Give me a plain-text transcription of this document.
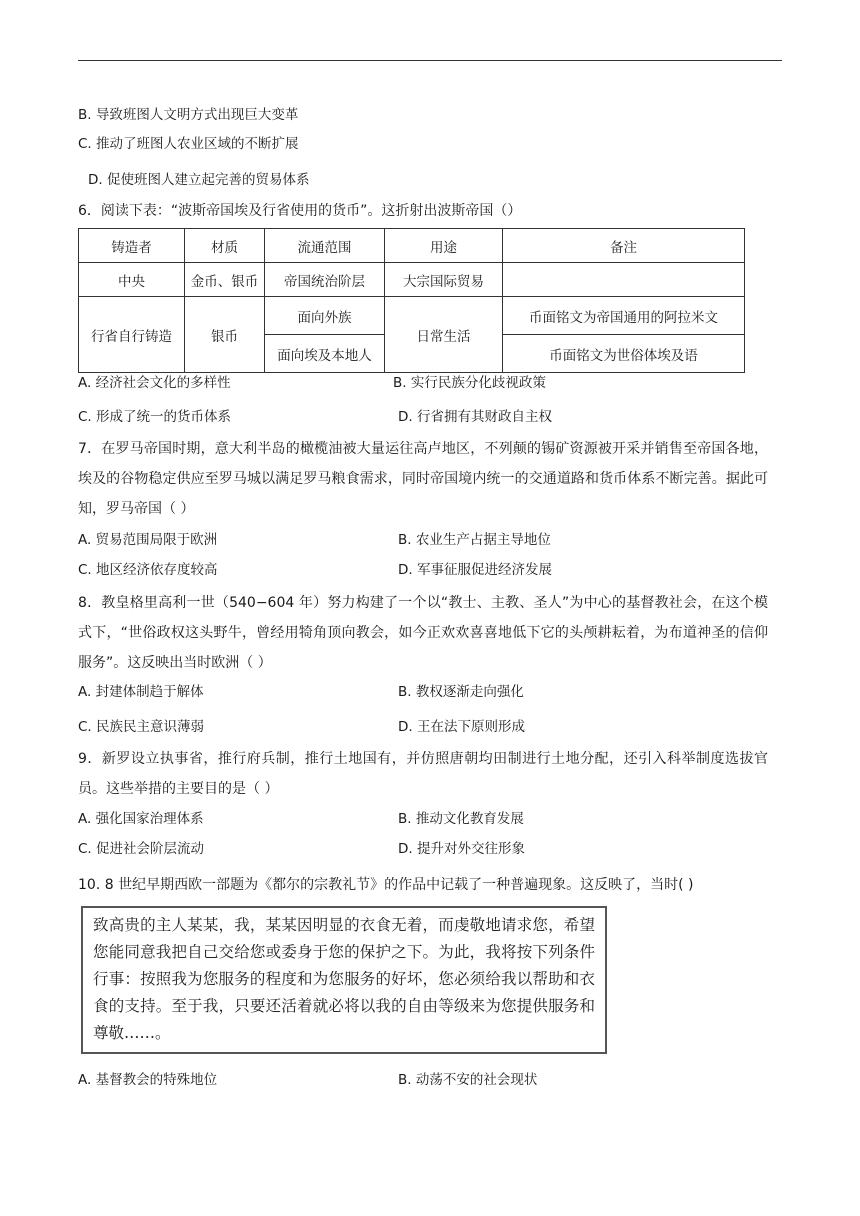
B. 导致班图人文明方式出现巨大变革
C. 推动了班图人农业区域的不断扩展
D. 促使班图人建立起完善的贸易体系
6．阅读下表：“波斯帝国埃及行省使用的货币”。这折射出波斯帝国（）
铸造者	材质	流通范围	用途	备注
中央	金币、银币	帝国统治阶层	大宗国际贸易	
行省自行铸造	银币	面向外族	日常生活	币面铭文为帝国通用的阿拉米文
		面向埃及本地人		币面铭文为世俗体埃及语
A. 经济社会文化的多样性	B. 实行民族分化歧视政策
C. 形成了统一的货币体系	D. 行省拥有其财政自主权
7．在罗马帝国时期，意大利半岛的橄榄油被大量运往高卢地区，不列颠的锡矿资源被开采并销售至帝国各地，埃及的谷物稳定供应至罗马城以满足罗马粮食需求，同时帝国境内统一的交通道路和货币体系不断完善。据此可知，罗马帝国（ ）
A. 贸易范围局限于欧洲	B. 农业生产占据主导地位
C. 地区经济依存度较高	D. 军事征服促进经济发展
8．教皇格里高利一世（540−604 年）努力构建了一个以“教士、主教、圣人”为中心的基督教社会，在这个模式下，“世俗政权这头野牛，曾经用犄角顶向教会，如今正欢欢喜喜地低下它的头颅耕耘着，为布道神圣的信仰服务”。这反映出当时欧洲（ ）
A. 封建体制趋于解体	B. 教权逐渐走向强化
C. 民族民主意识薄弱	D. 王在法下原则形成
9．新罗设立执事省，推行府兵制，推行土地国有，并仿照唐朝均田制进行土地分配，还引入科举制度选拔官员。这些举措的主要目的是（ ）
A. 强化国家治理体系	B. 推动文化教育发展
C. 促进社会阶层流动	D. 提升对外交往形象
10. 8 世纪早期西欧一部题为《都尔的宗教礼节》的作品中记载了一种普遍现象。这反映了，当时( )
致高贵的主人某某，我，某某因明显的衣食无着，而虔敬地请求您，希望您能同意我把自己交给您或委身于您的保护之下。为此，我将按下列条件行事：按照我为您服务的程度和为您服务的好坏，您必须给我以帮助和衣食的支持。至于我，只要还活着就必将以我的自由等级来为您提供服务和尊敬……。
A. 基督教会的特殊地位	B. 动荡不安的社会现状
